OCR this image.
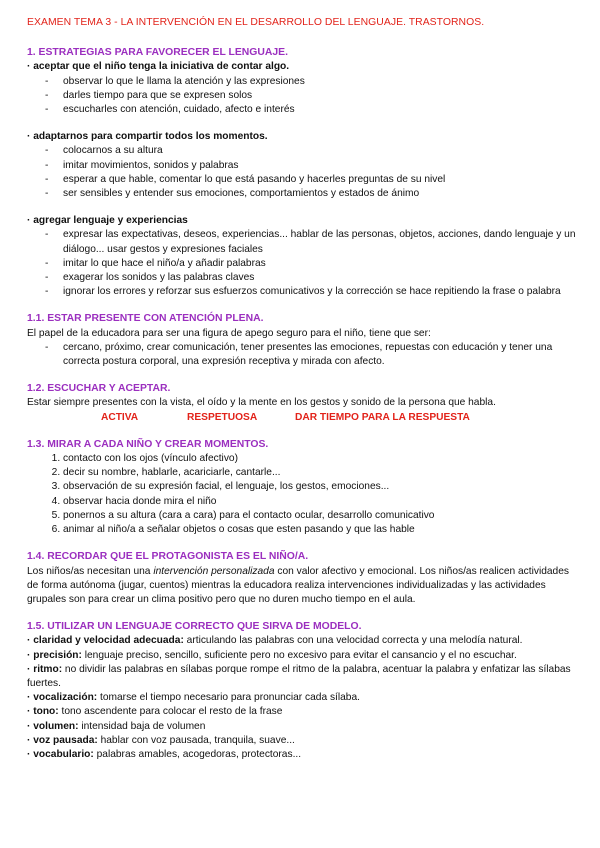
EXAMEN TEMA 3 - LA INTERVENCIÓN EN EL DESARROLLO DEL LENGUAJE. TRASTORNOS.

1. ESTRATEGIAS PARA FAVORECER EL LENGUAJE.

· aceptar que el niño tenga la iniciativa de contar algo.
- observar lo que le llama la atención y las expresiones
- darles tiempo para que se expresen solos
- escucharles con atención, cuidado, afecto e interés
· adaptarnos para compartir todos los momentos.
- colocarnos a su altura
- imitar movimientos, sonidos y palabras
- esperar a que hable, comentar lo que está pasando y hacerles preguntas de su nivel
- ser sensibles y entender sus emociones, comportamientos y estados de ánimo
· agregar lenguaje y experiencias
- expresar las expectativas, deseos, experiencias... hablar de las personas, objetos, acciones, dando lenguaje y un diálogo... usar gestos y expresiones faciales
- imitar lo que hace el niño/a y añadir palabras
- exagerar los sonidos y las palabras claves
- ignorar los errores y reforzar sus esfuerzos comunicativos y la corrección se hace repitiendo la frase o palabra

1.1. ESTAR PRESENTE CON ATENCIÓN PLENA.

El papel de la educadora para ser una figura de apego seguro para el niño, tiene que ser:

- cercano, próximo, crear comunicación, tener presentes las emociones, repuestas con educación y tener una correcta postura corporal, una expresión receptiva y mirada con afecto.

1.2. ESCUCHAR Y ACEPTAR.

Estar siempre presentes con la vista, el oído y la mente en los gestos y sonido de la persona que habla.

ACTIVA	RESPETUOSA	DAR TIEMPO PARA LA RESPUESTA

1.3. MIRAR A CADA NIÑO Y CREAR MOMENTOS.

1. contacto con los ojos (vínculo afectivo)
2. decir su nombre, hablarle, acariciarle, cantarle...
3. observación de su expresión facial, el lenguaje, los gestos, emociones...
4. observar hacia donde mira el niño
5. ponernos a su altura (cara a cara) para el contacto ocular, desarrollo comunicativo
6. animar al niño/a a señalar objetos o cosas que esten pasando y que las hable

1.4. RECORDAR QUE EL PROTAGONISTA ES EL NIÑO/A.

Los niños/as necesitan una intervención personalizada con valor afectivo y emocional. Los niños/as realicen actividades de forma autónoma (jugar, cuentos) mientras la educadora realiza intervenciones individualizadas y las actividades grupales son para crear un clima positivo pero que no duren mucho tiempo en el aula.

1.5. UTILIZAR UN LENGUAJE CORRECTO QUE SIRVA DE MODELO.

· claridad y velocidad adecuada: articulando las palabras con una velocidad correcta y una melodía natural.

· precisión: lenguaje preciso, sencillo, suficiente pero no excesivo para evitar el cansancio y el no escuchar.

· ritmo: no dividir las palabras en sílabas porque rompe el ritmo de la palabra, acentuar la palabra y enfatizar las sílabas fuertes.

· vocalización: tomarse el tiempo necesario para pronunciar cada sílaba.

· tono: tono ascendente para colocar el resto de la frase

· volumen: intensidad baja de volumen

· voz pausada: hablar con voz pausada, tranquila, suave...

· vocabulario: palabras amables, acogedoras, protectoras...
